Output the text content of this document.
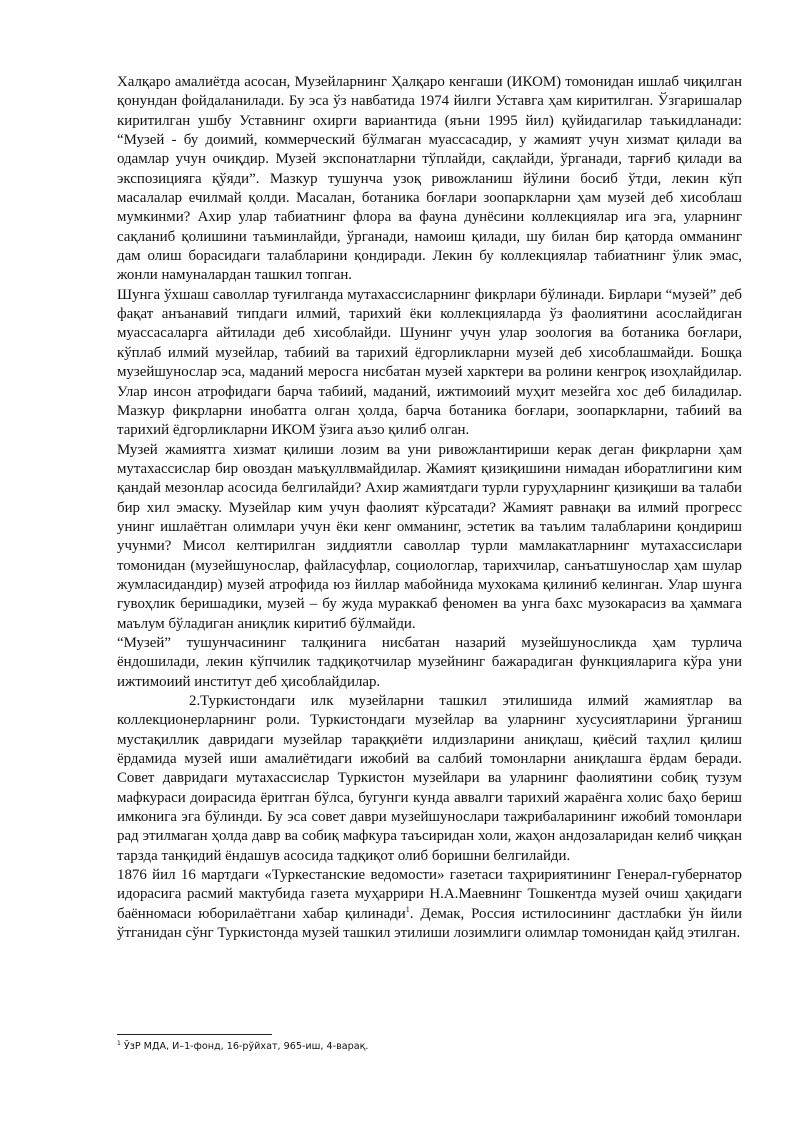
Халқаро амалиётда асосан, Музейларнинг Ҳалқаро кенгаши (ИКОМ) томонидан ишлаб чиқилган қонундан фойдаланилади. Бу эса ўз навбатида 1974 йилги Уставга ҳам киритилган. Ўзгаришалар киритилган ушбу Уставнинг охирги вариантида (яъни 1995 йил) қуйидагилар таъкидланади: “Музей - бу доимий, коммерческий бўлмаган муассасадир, у жамият учун хизмат қилади ва одамлар учун очиқдир. Музей экспонатларни тўплайди, сақлайди, ўрганади, тарғиб қилади ва экспозицияга қўяди”. Мазкур тушунча узоқ ривожланиш йўлини босиб ўтди, лекин кўп масалалар ечилмай қолди. Масалан, ботаника боғлари зоопаркларни ҳам музей деб хисоблаш мумкинми? Ахир улар табиатнинг флора ва фауна дунёсини коллекциялар ига эга, уларнинг сақланиб қолишини таъминлайди, ўрганади, намоиш қилади, шу билан бир қаторда омманинг дам олиш борасидаги талабларини қондиради. Лекин бу коллекциялар табиатнинг ўлик эмас, жонли намуналардан ташкил топган.

Шунга ўхшаш саволлар туғилганда мутахассисларнинг фикрлари бўлинади. Бирлари “музей” деб фақат анъанавий типдаги илмий, тарихий ёки коллекцияларда ўз фаолиятини асослайдиган муассасаларга айтилади деб хисоблайди. Шунинг учун улар зоология ва ботаника боғлари, кўплаб илмий музейлар, табиий ва тарихий ёдгорликларни музей деб хисоблашмайди. Бошқа музейшунослар эса, маданий меросга нисбатан музей харктери ва ролини кенгроқ изоҳлайдилар. Улар инсон атрофидаги барча табиий, маданий, ижтимоиий муҳит мезейга хос деб биладилар. Мазкур фикрларни инобатга олган ҳолда, барча ботаника боғлари, зоопаркларни, табиий ва тарихий ёдгорликларни ИКОМ ўзига аъзо қилиб олган.

Музей жамиятга хизмат қилиши лозим ва уни ривожлантириши керак деган фикрларни ҳам мутахассислар бир овоздан маъқуллвмайдилар. Жамият қизиқишини нимадан иборатлигини ким қандай мезонлар асосида белгилайди? Ахир жамиятдаги турли гуруҳларнинг қизиқиши ва талаби бир хил эмаску. Музейлар ким учун фаолият кўрсатади? Жамият равнақи ва илмий прогресс унинг ишлаётган олимлари учун ёки кенг омманинг, эстетик ва таълим талабларини қондириш учунми? Мисол келтирилган зиддиятли саволлар турли мамлакатларнинг мутахассислари томонидан (музейшунослар, файласуфлар, социологлар, тарихчилар, санъатшунослар ҳам шулар жумласидандир) музей атрофида юз йиллар мабойнида мухокама қилиниб келинган. Улар шунга гувоҳлик беришадики, музей – бу жуда мураккаб феномен ва унга бахс музокарасиз ва ҳаммага маълум бўладиган аниқлик киритиб бўлмайди.

“Музей” тушунчасининг талқинига нисбатан назарий музейшуносликда ҳам турлича ёндошилади, лекин кўпчилик тадқиқотчилар музейнинг бажарадиган функцияларига кўра уни ижтимоиий институт деб ҳисоблайдилар.

2.Туркистондаги илк музейларни ташкил этилишида илмий жамиятлар ва коллекционерларнинг роли. Туркистондаги музейлар ва уларнинг хусусиятларини ўрганиш мустақиллик давридаги музейлар тараққиёти илдизларини аниқлаш, қиёсий таҳлил қилиш ёрдамида музей иши амалиётидаги ижобий ва салбий томонларни аниқлашга ёрдам беради. Совет давридаги мутахассислар Туркистон музейлари ва уларнинг фаолиятини собиқ тузум мафкураси доирасида ёритган бўлса, бугунги кунда аввалги тарихий жараёнга холис баҳо бериш имконига эга бўлинди. Бу эса совет даври музейшунослари тажрибаларининг ижобий томонлари рад этилмаган ҳолда давр ва собиқ мафкура таъсиридан холи, жаҳон андозаларидан келиб чиққан тарзда танқидий ёндашув асосида тадқиқот олиб боришни белгилайди.

1876 йил 16 мартдаги «Туркестанские ведомости» газетаси таҳририятининг Генерал-губернатор идорасига расмий мактубида газета муҳаррири Н.А.Маевнинг Тошкентда музей очиш ҳақидаги баённомаси юборилаётгани хабар қилинади$^1$. Демак, Россия истилосининг дастлабки ўн йили ўтганидан сўнг Туркистонда музей ташкил этилиши лозимлиги олимлар томонидан қайд этилган.

$^1$ ЎзР МДА, И–1-фонд, 16-рўйхат, 965-иш, 4-варақ.
